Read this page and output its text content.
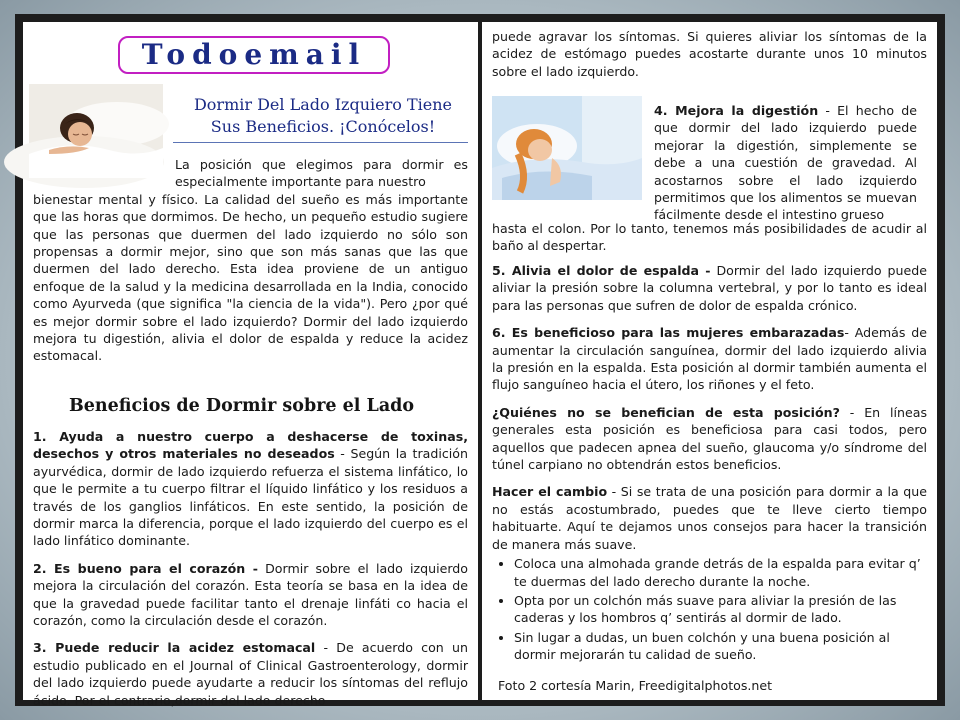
Todoemail
Dormir Del Lado Izquiero Tiene Sus Beneficios. ¡Conócelos!

La posición que elegimos para dormir es especialmente importante para nuestro

bienestar mental y físico. La calidad del sueño es más importante que las horas que dormimos. De hecho, un pequeño estudio sugiere que las personas que duermen del lado izquierdo no sólo son propensas a dormir mejor, sino que son más sanas que las que duermen del lado derecho. Esta idea proviene de un antiguo enfoque de la salud y la medicina desarrollada en la India, conocido como Ayurveda (que significa "la ciencia de la vida"). Pero ¿por qué es mejor dormir sobre el lado izquierdo? Dormir del lado izquierdo mejora tu digestión, alivia el dolor de espalda y reduce la acidez estomacal.

Beneficios de Dormir sobre el Lado
1. Ayuda a nuestro cuerpo a deshacerse de toxinas, desechos y otros materiales no deseados - Según la tradición ayurvédica, dormir de lado izquierdo refuerza el sistema linfático, lo que le permite a tu cuerpo filtrar el líquido linfático y los residuos a través de los ganglios linfáticos. En este sentido, la posición de dormir marca la diferencia, porque el lado izquierdo del cuerpo es el lado linfático dominante.
2. Es bueno para el corazón - Dormir sobre el lado izquierdo mejora la circulación del corazón. Esta teoría se basa en la idea de que la gravedad puede facilitar tanto el drenaje linfáti co hacia el corazón, como la circulación desde el corazón.
3. Puede reducir la acidez estomacal - De acuerdo con un estudio publicado en el Journal of Clinical Gastroenterology, dormir del lado izquierdo puede ayudarte a reducir los síntomas del reflujo ácido. Por el contrario,dormir del lado derecho
puede agravar los síntomas. Si quieres aliviar los síntomas de la acidez de estómago puedes acostarte durante unos 10 minutos sobre el lado izquierdo.
4. Mejora la digestión - El hecho de que dormir del lado izquierdo puede mejorar la digestión, simplemente se debe a una cuestión de gravedad. Al acostarnos sobre el lado izquierdo permitimos que los alimentos se muevan fácilmente desde el intestino grueso
hasta el colon. Por lo tanto, tenemos más posibilidades de acudir al baño al despertar.
5. Alivia el dolor de espalda - Dormir del lado izquierdo puede aliviar la presión sobre la columna vertebral, y por lo tanto es ideal para las personas que sufren de dolor de espalda crónico.
6. Es beneficioso para las mujeres embarazadas- Además de aumentar la circulación sanguínea, dormir del lado izquierdo alivia la presión en la espalda. Esta posición al dormir también aumenta el flujo sanguíneo hacia el útero, los riñones y el feto.
¿Quiénes no se benefician de esta posición? - En líneas generales esta posición es beneficiosa para casi todos, pero aquellos que padecen apnea del sueño, glaucoma y/o síndrome del túnel carpiano no obtendrán estos beneficios.
Hacer el cambio - Si se trata de una posición para dormir a la que no estás acostumbrado, puedes que te lleve cierto tiempo habituarte. Aquí te dejamos unos consejos para hacer la transición de manera más suave.
• Coloca una almohada grande detrás de la espalda para evitar q’ te duermas del lado derecho durante la noche.
• Opta por un colchón más suave para aliviar la presión de las caderas y los hombros q’ sentirás al dormir de lado.
• Sin lugar a dudas, un buen colchón y una buena posición al dormir mejorarán tu calidad de sueño.
Foto 2 cortesía Marin, Freedigitalphotos.net
